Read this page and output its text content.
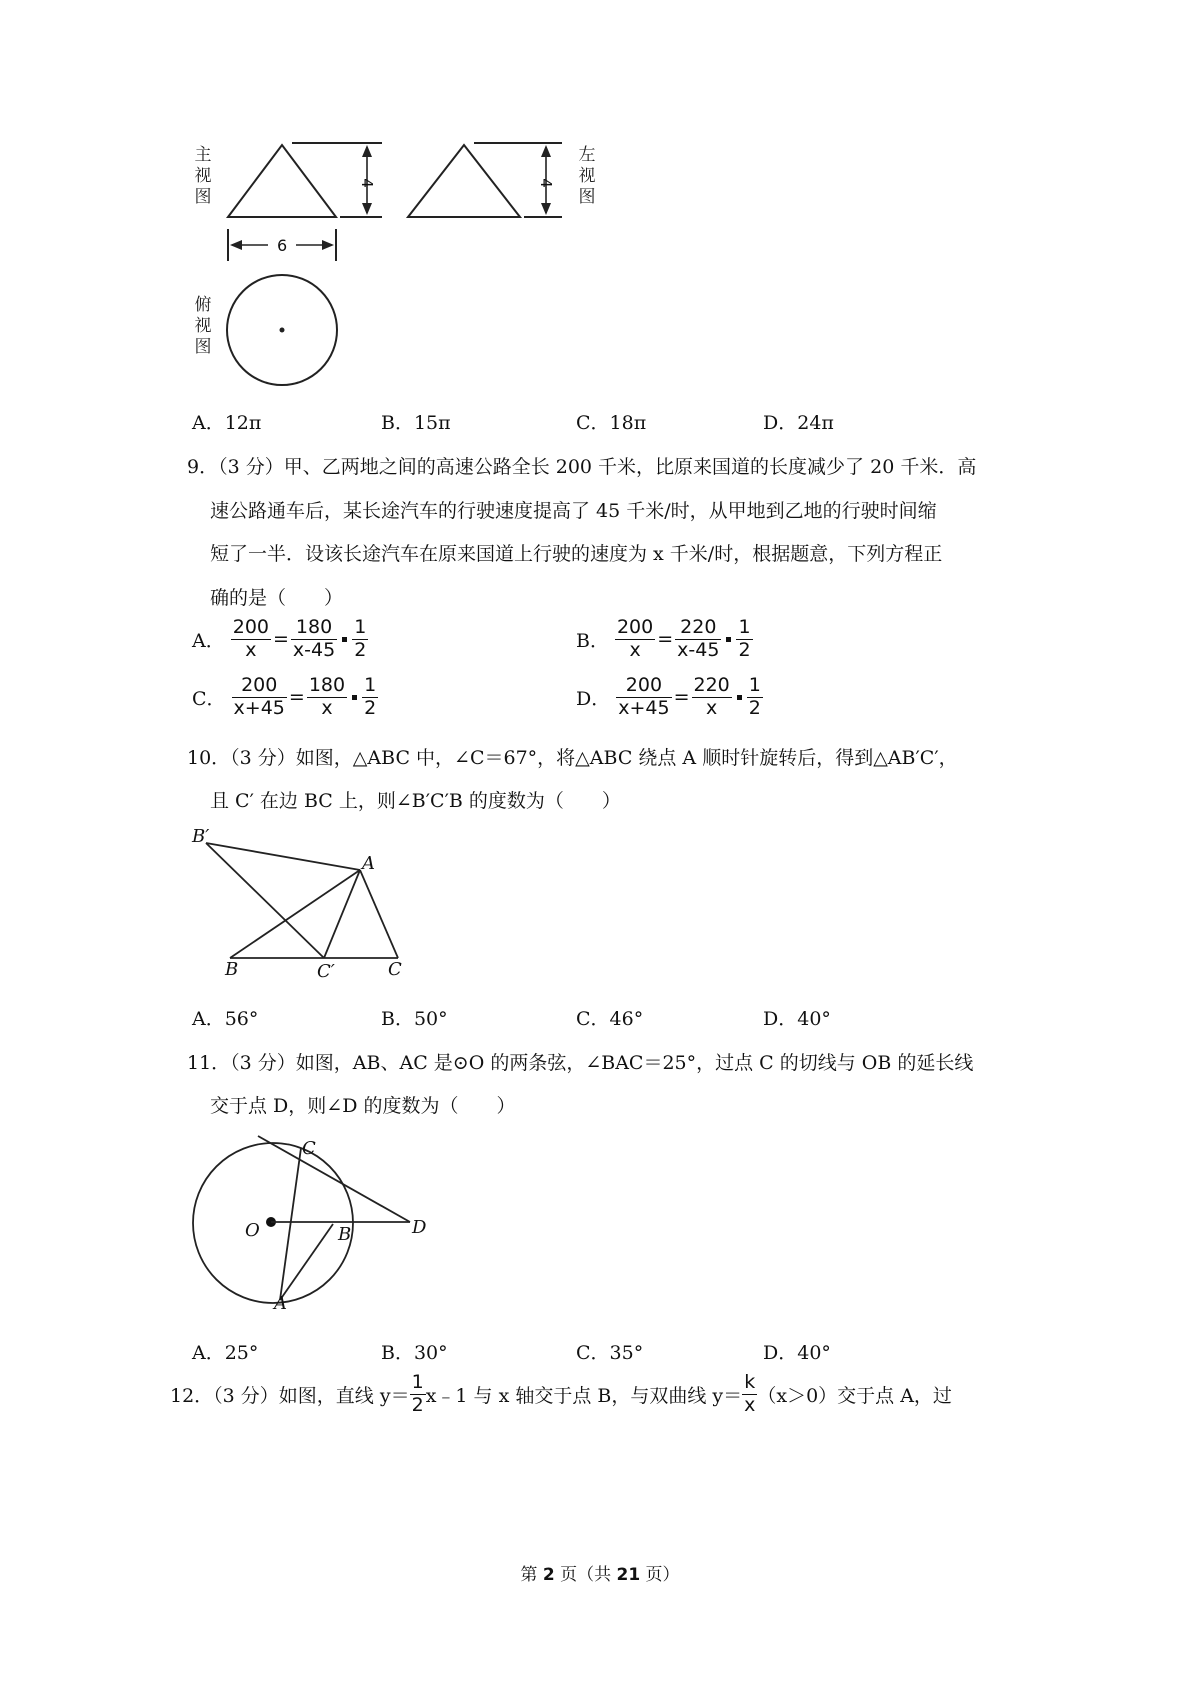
4	4
6
主视图
左视图
俯视图
A．12π	B．15π	C．18π	D．24π
9．（3 分）甲、乙两地之间的高速公路全长 200 千米，比原来国道的长度减少了 20 千米．高
速公路通车后，某长途汽车的行驶速度提高了 45 千米/时，从甲地到乙地的行驶时间缩
短了一半．设该长途汽车在原来国道上行驶的速度为 x 千米/时，根据题意，下列方程正
确的是（　　）
A． $\frac{200}{x} = \frac{180}{x-45} \frac{1}{2}$	B． $\frac{200}{x} = \frac{220}{x-45} \frac{1}{2}$
C． $\frac{200}{x+45} = \frac{180}{x} \frac{1}{2}$	D． $\frac{200}{x+45} = \frac{220}{x} \frac{1}{2}$
10．（3 分）如图，△ABC 中，∠C＝67°，将△ABC 绕点 A 顺时针旋转后，得到△AB′C′，
且 C′ 在边 BC 上，则∠B′C′B 的度数为（　　）
B′
A
B	C′	C
A．56°	B．50°	C．46°	D．40°
11．（3 分）如图，AB、AC 是⊙O 的两条弦，∠BAC＝25°，过点 C 的切线与 OB 的延长线
交于点 D，则∠D 的度数为（　　）
C
O	B	D
A
A．25°	B．30°	C．35°	D．40°
12．（3 分）如图，直线 $y= \frac{1}{2}$ x﹣1 与 x 轴交于点 B，与双曲线 $y= \frac{k}{x} (x>0)$交于点 A，过
第 2 页（共 21 页）
